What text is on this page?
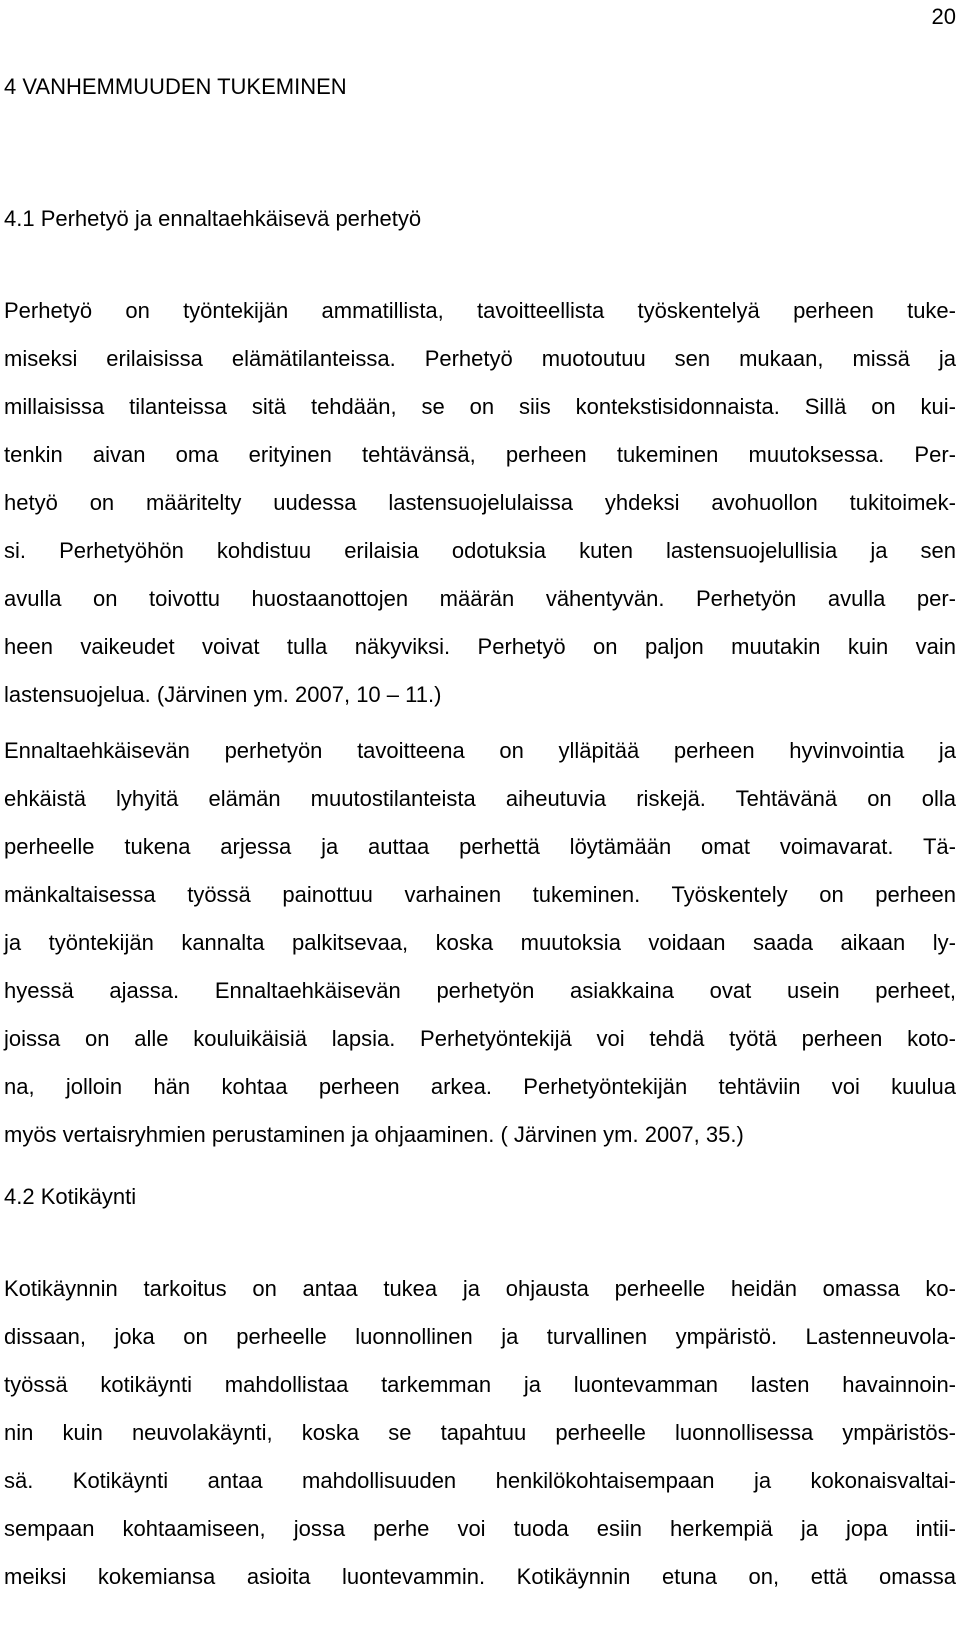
20
4 VANHEMMUUDEN TUKEMINEN
4.1 Perhetyö ja ennaltaehkäisevä perhetyö
Perhetyö on työntekijän ammatillista, tavoitteellista työskentelyä perheen tuke-
miseksi erilaisissa elämätilanteissa. Perhetyö muotoutuu sen mukaan, missä ja
millaisissa tilanteissa sitä tehdään, se on siis kontekstisidonnaista. Sillä on kui-
tenkin aivan oma erityinen tehtävänsä, perheen tukeminen muutoksessa. Per-
hetyö on määritelty uudessa lastensuojelulaissa yhdeksi avohuollon tukitoimek-
si. Perhetyöhön kohdistuu erilaisia odotuksia kuten lastensuojelullisia ja sen
avulla on toivottu huostaanottojen määrän vähentyvän. Perhetyön avulla per-
heen vaikeudet voivat tulla näkyviksi. Perhetyö on paljon muutakin kuin vain
lastensuojelua. (Järvinen ym. 2007, 10 – 11.)
Ennaltaehkäisevän perhetyön tavoitteena on ylläpitää perheen hyvinvointia ja
ehkäistä lyhyitä elämän muutostilanteista aiheutuvia riskejä. Tehtävänä on olla
perheelle tukena arjessa ja auttaa perhettä löytämään omat voimavarat. Tä-
mänkaltaisessa työssä painottuu varhainen tukeminen. Työskentely on perheen
ja työntekijän kannalta palkitsevaa, koska muutoksia voidaan saada aikaan ly-
hyessä ajassa. Ennaltaehkäisevän perhetyön asiakkaina ovat usein perheet,
joissa on alle kouluikäisiä lapsia. Perhetyöntekijä voi tehdä työtä perheen koto-
na, jolloin hän kohtaa perheen arkea. Perhetyöntekijän tehtäviin voi kuulua
myös vertaisryhmien perustaminen ja ohjaaminen. ( Järvinen ym. 2007, 35.)
4.2 Kotikäynti
Kotikäynnin tarkoitus on antaa tukea ja ohjausta perheelle heidän omassa ko-
dissaan, joka on perheelle luonnollinen ja turvallinen ympäristö. Lastenneuvola-
työssä kotikäynti mahdollistaa tarkemman ja luontevamman lasten havainnoin-
nin kuin neuvolakäynti, koska se tapahtuu perheelle luonnollisessa ympäristös-
sä. Kotikäynti antaa mahdollisuuden henkilökohtaisempaan ja kokonaisvaltai-
sempaan kohtaamiseen, jossa perhe voi tuoda esiin herkempiä ja jopa intii-
meiksi kokemiansa asioita luontevammin. Kotikäynnin etuna on, että omassa
